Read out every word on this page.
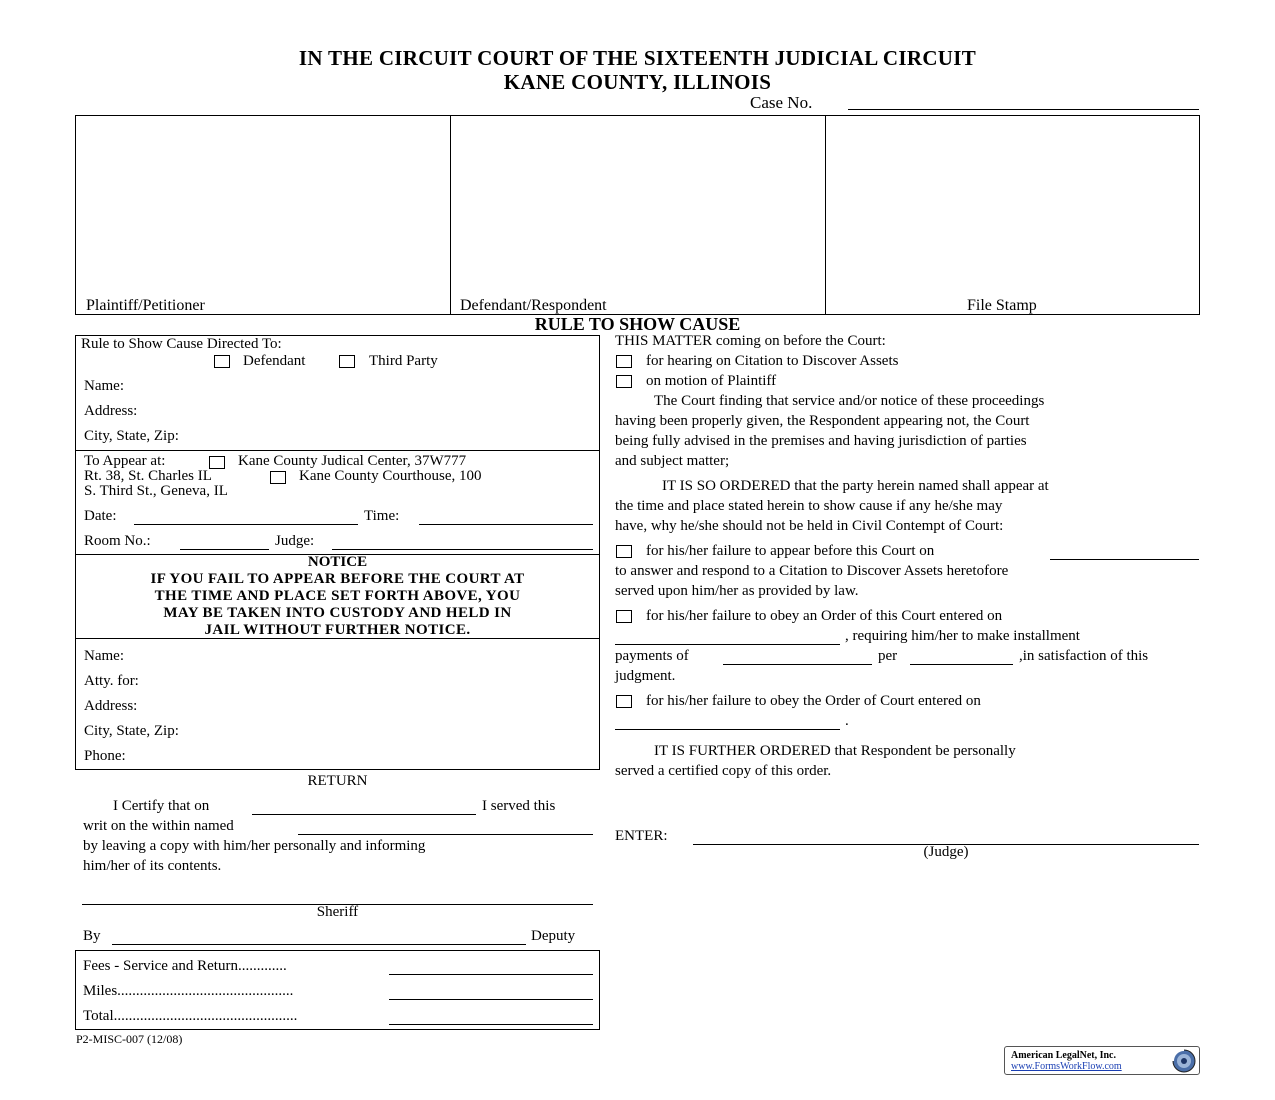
IN THE CIRCUIT COURT OF THE SIXTEENTH JUDICIAL CIRCUIT
KANE COUNTY, ILLINOIS
Case No.
Plaintiff/Petitioner	Defendant/Respondent	File Stamp
RULE TO SHOW CAUSE
Rule to Show Cause Directed To:
Defendant	Third Party
Name:
Address:
City, State, Zip:
To Appear at:	Kane County Judical Center, 37W777
Rt. 38, St. Charles IL	Kane County Courthouse, 100
S. Third St., Geneva, IL
Date:	Time:
Room No.:	Judge:
NOTICE
IF YOU FAIL TO APPEAR BEFORE THE COURT AT
THE TIME AND PLACE SET FORTH ABOVE, YOU
MAY BE TAKEN INTO CUSTODY AND HELD IN
JAIL WITHOUT FURTHER NOTICE.
Name:
Atty. for:
Address:
City, State, Zip:
Phone:
RETURN
I Certify that on	I served this
writ on the within named
by leaving a copy with him/her personally and informing
him/her of its contents.
Sheriff
By	Deputy
Fees - Service and Return.............
Miles...............................................
Total.................................................
P2-MISC-007 (12/08)
THIS MATTER coming on before the Court:
for hearing on Citation to Discover Assets
on motion of Plaintiff
The Court finding that service and/or notice of these proceedings
having been properly given, the Respondent appearing not, the Court
being fully advised in the premises and having jurisdiction of parties
and subject matter;
IT IS SO ORDERED that the party herein named shall appear at
the time and place stated herein to show cause if any he/she may
have, why he/she should not be held in Civil Contempt of Court:
for his/her failure to appear before this Court on
to answer and respond to a Citation to Discover Assets heretofore
served upon him/her as provided by law.
for his/her failure to obey an Order of this Court entered on
, requiring him/her to make installment
payments of	per	,in satisfaction of this
judgment.
for his/her failure to obey the Order of Court entered on
.
IT IS FURTHER ORDERED that Respondent be personally
served a certified copy of this order.
ENTER:
(Judge)
American LegalNet, Inc.
www.FormsWorkFlow.com
